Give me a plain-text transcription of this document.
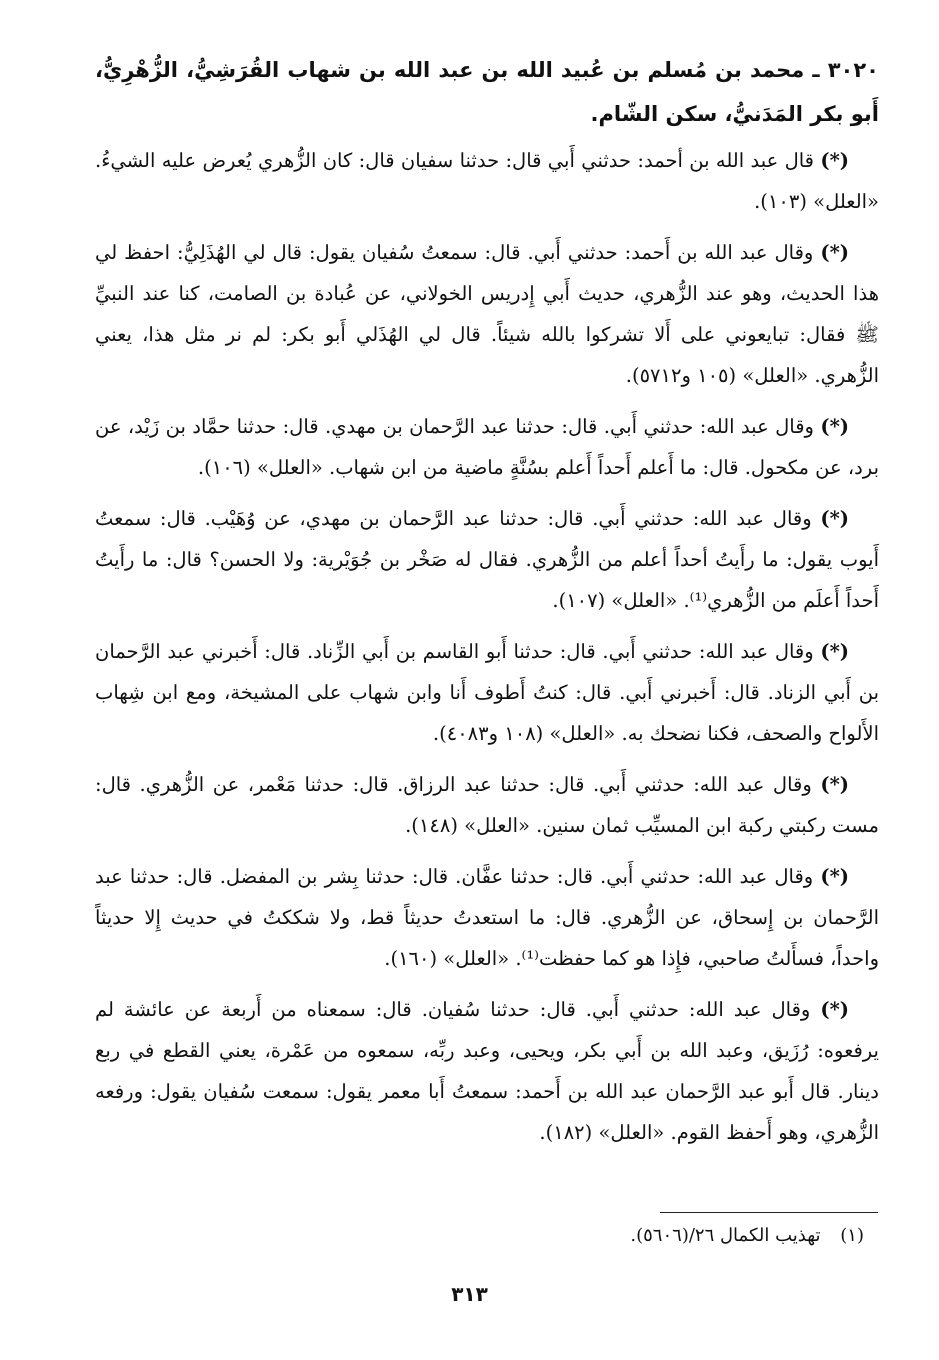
٣٠٢٠ ـ محمد بن مُسلم بن عُبيد الله بن عبد الله بن شهاب القُرَشِيُّ، الزُّهْرِيُّ، أَبو بكر المَدَنيُّ، سكن الشّام.

(*) قال عبد الله بن أحمد: حدثني أَبي قال: حدثنا سفيان قال: كان الزُّهري يُعرض عليه الشيءُ. «العلل» (١٠٣).

(*) وقال عبد الله بن أَحمد: حدثني أَبي. قال: سمعتُ سُفيان يقول: قال لي الهُذَلِيُّ: احفظ لي هذا الحديث، وهو عند الزُّهري، حديث أَبي إِدريس الخولاني، عن عُبادة بن الصامت، كنا عند النبيِّ ﷺ فقال: تبايعوني على أَلا تشركوا بالله شيئاً. قال لي الهُذَلي أَبو بكر: لم نر مثل هذا، يعني الزُّهري. «العلل» (١٠٥ و٥٧١٢).

(*) وقال عبد الله: حدثني أَبي. قال: حدثنا عبد الرَّحمان بن مهدي. قال: حدثنا حمَّاد بن زَيْد، عن برد، عن مكحول. قال: ما أَعلم أَحداً أَعلم بسُنَّةٍ ماضية من ابن شهاب. «العلل» (١٠٦).

(*) وقال عبد الله: حدثني أَبي. قال: حدثنا عبد الرَّحمان بن مهدي، عن وُهَيْب. قال: سمعتُ أَيوب يقول: ما رأَيتُ أحداً أعلم من الزُّهري. فقال له صَخْر بن جُوَيْرية: ولا الحسن؟ قال: ما رأَيتُ أَحداً أَعلَم من الزُّهري⁽¹⁾. «العلل» (١٠٧).

(*) وقال عبد الله: حدثني أَبي. قال: حدثنا أَبو القاسم بن أَبي الزِّناد. قال: أَخبرني عبد الرَّحمان بن أَبي الزناد. قال: أَخبرني أَبي. قال: كنتُ أَطوف أَنا وابن شهاب على المشيخة، ومع ابن شِهاب الأَلواح والصحف، فكنا نضحك به. «العلل» (١٠٨ و٤٠٨٣).

(*) وقال عبد الله: حدثني أَبي. قال: حدثنا عبد الرزاق. قال: حدثنا مَعْمر، عن الزُّهري. قال: مست ركبتي ركبة ابن المسيِّب ثمان سنين. «العلل» (١٤٨).

(*) وقال عبد الله: حدثني أَبي. قال: حدثنا عفَّان. قال: حدثنا بِشر بن المفضل. قال: حدثنا عبد الرَّحمان بن إِسحاق، عن الزُّهري. قال: ما استعدتُ حديثاً قط، ولا شككتُ في حديث إِلا حديثاً واحداً، فسأَلتُ صاحبي، فإِذا هو كما حفظت⁽¹⁾. «العلل» (١٦٠).

(*) وقال عبد الله: حدثني أَبي. قال: حدثنا سُفيان. قال: سمعناه من أَربعة عن عائشة لم يرفعوه: رُزَيق، وعبد الله بن أَبي بكر، ويحيى، وعبد ربِّه، سمعوه من عَمْرة، يعني القطع في ربع دينار. قال أَبو عبد الرَّحمان عبد الله بن أَحمد: سمعتُ أَبا معمر يقول: سمعت سُفيان يقول: ورفعه الزُّهري، وهو أَحفظ القوم. «العلل» (١٨٢).

(١) تهذيب الكمال ٢٦/(٥٦٠٦).
٣١٣
